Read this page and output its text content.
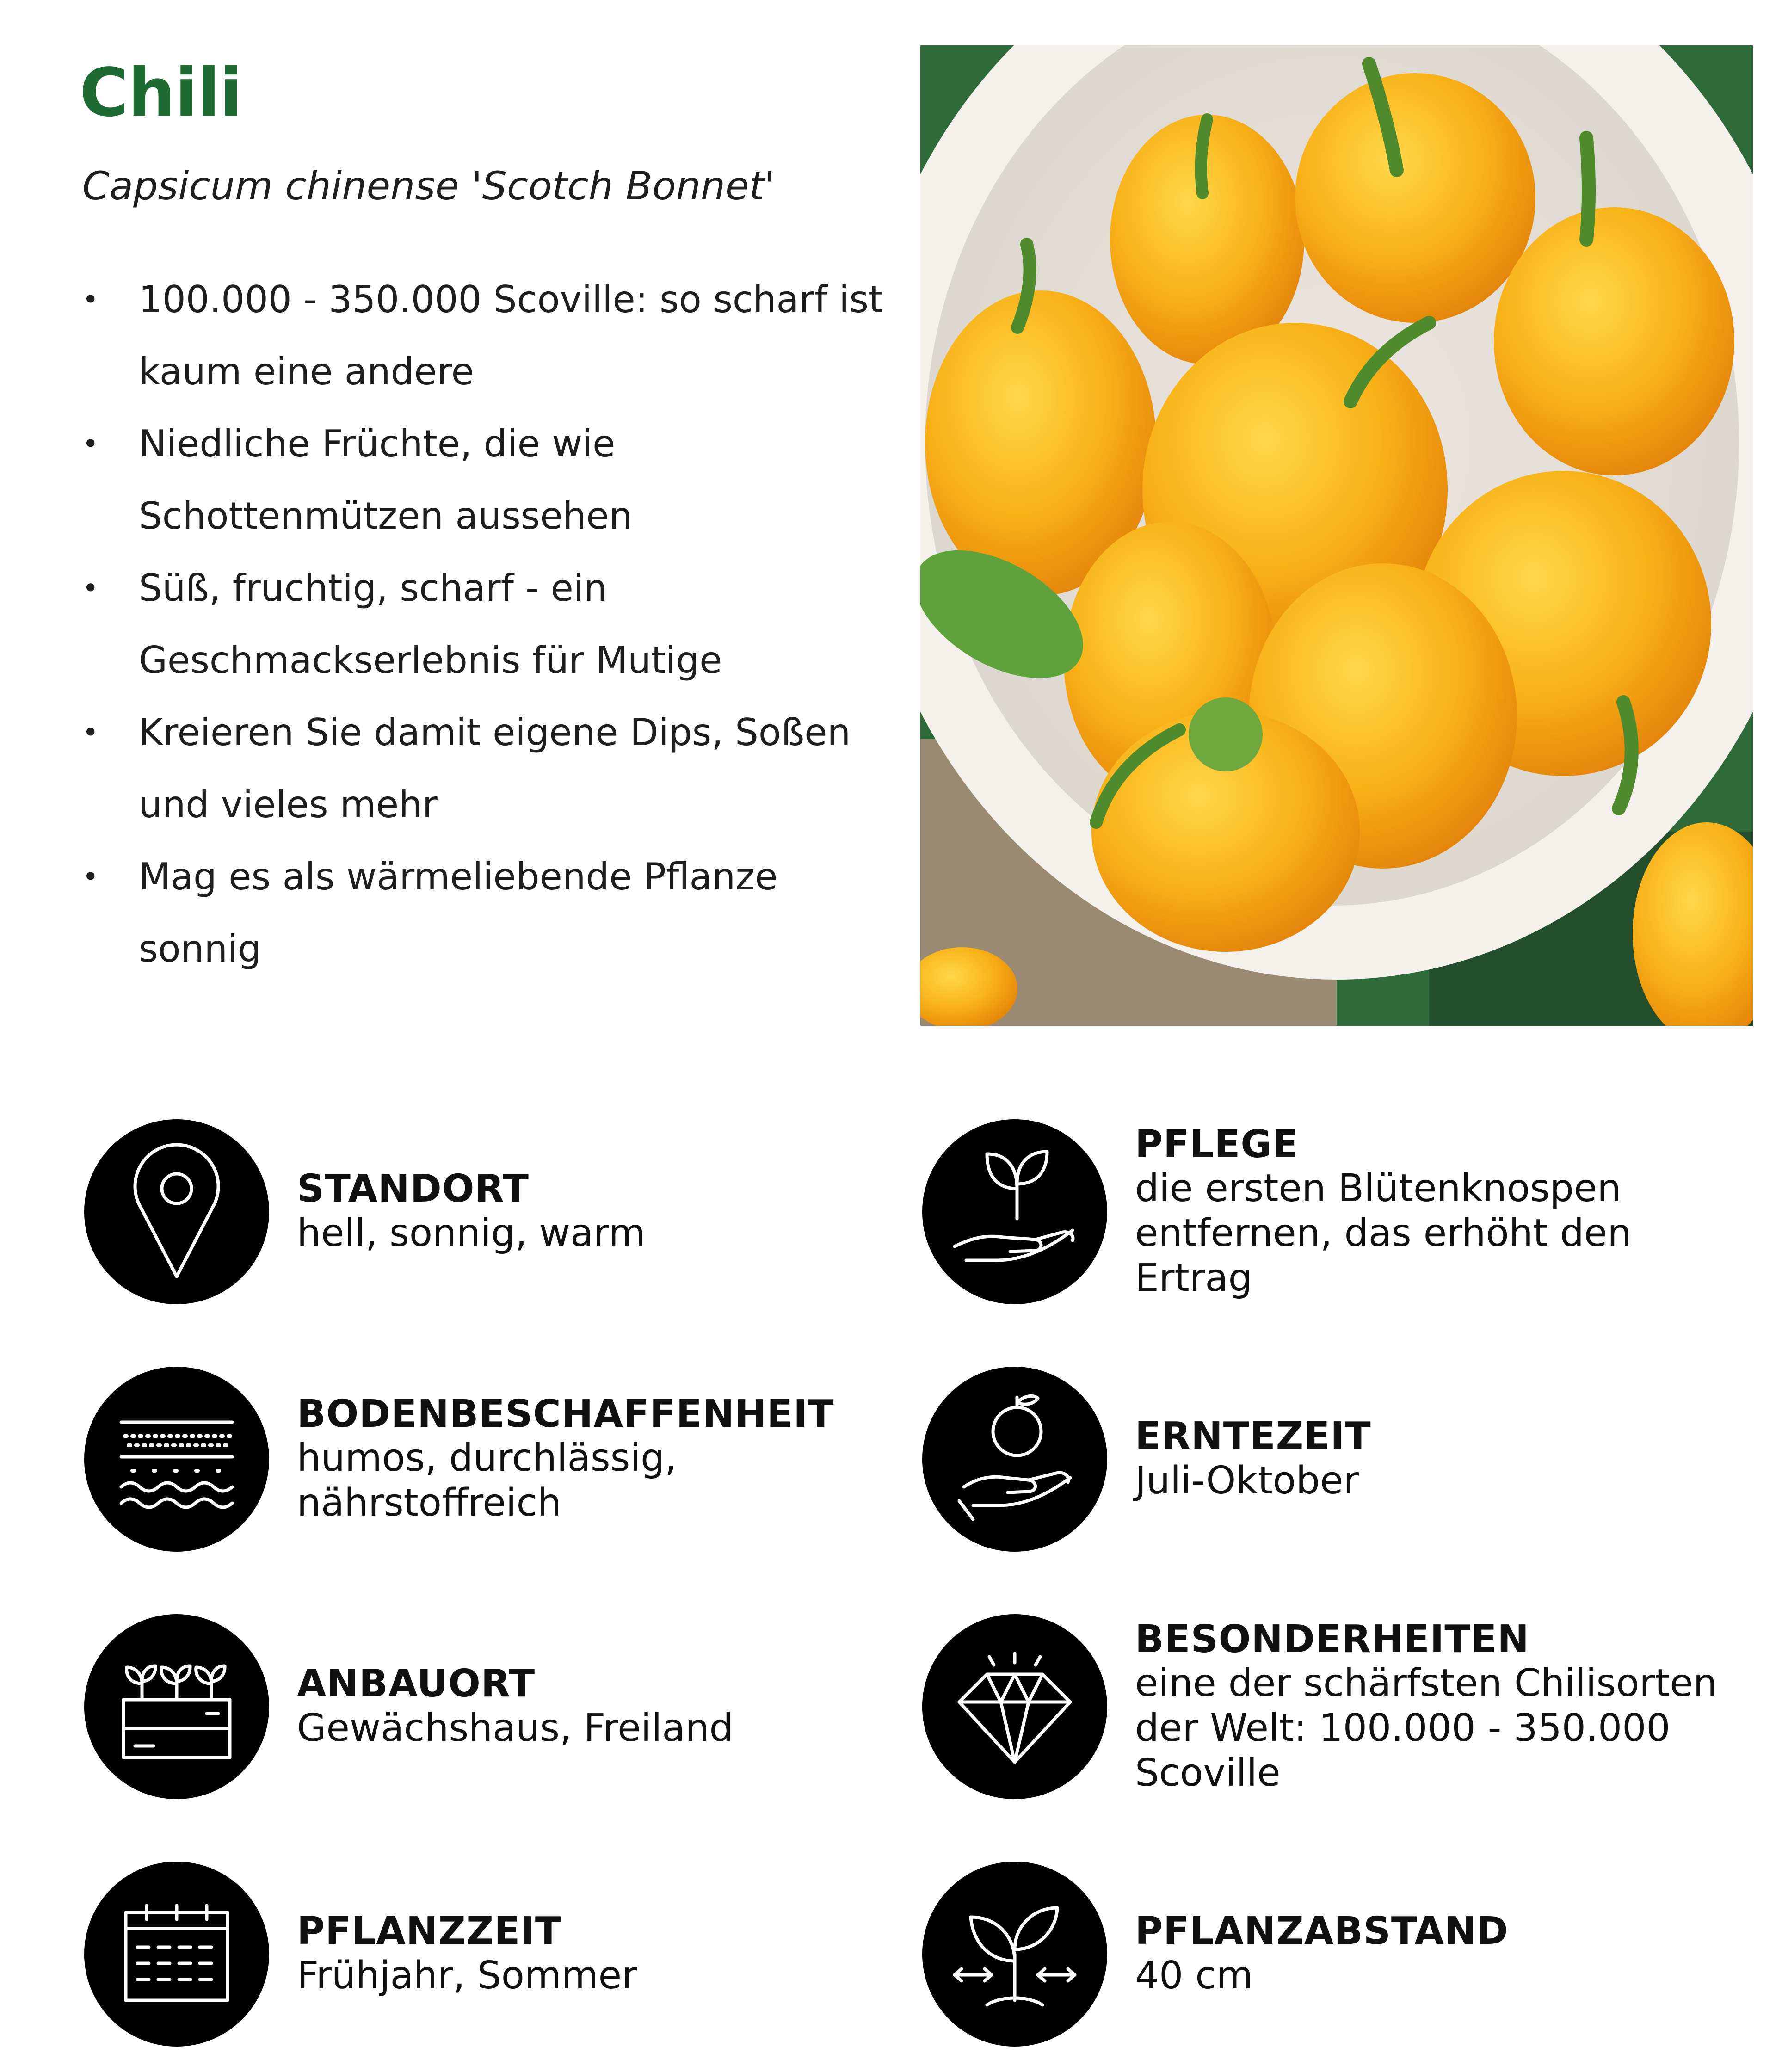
Chili
Capsicum chinense 'Scotch Bonnet'
• 100.000 - 350.000 Scoville: so scharf ist kaum eine andere
• Niedliche Früchte, die wie Schottenmützen aussehen
• Süß, fruchtig, scharf - ein Geschmackserlebnis für Mutige
• Kreieren Sie damit eigene Dips, Soßen und vieles mehr
• Mag es als wärmeliebende Pflanze sonnig
STANDORT
hell, sonnig, warm
PFLEGE
die ersten Blütenknospen entfernen, das erhöht den Ertrag
BODENBESCHAFFENHEIT
humos, durchlässig, nährstoffreich
ERNTEZEIT
Juli-Oktober
ANBAUORT
Gewächshaus, Freiland
BESONDERHEITEN
eine der schärfsten Chilisorten der Welt: 100.000 - 350.000 Scoville
PFLANZZEIT
Frühjahr, Sommer
PFLANZABSTAND
40 cm
